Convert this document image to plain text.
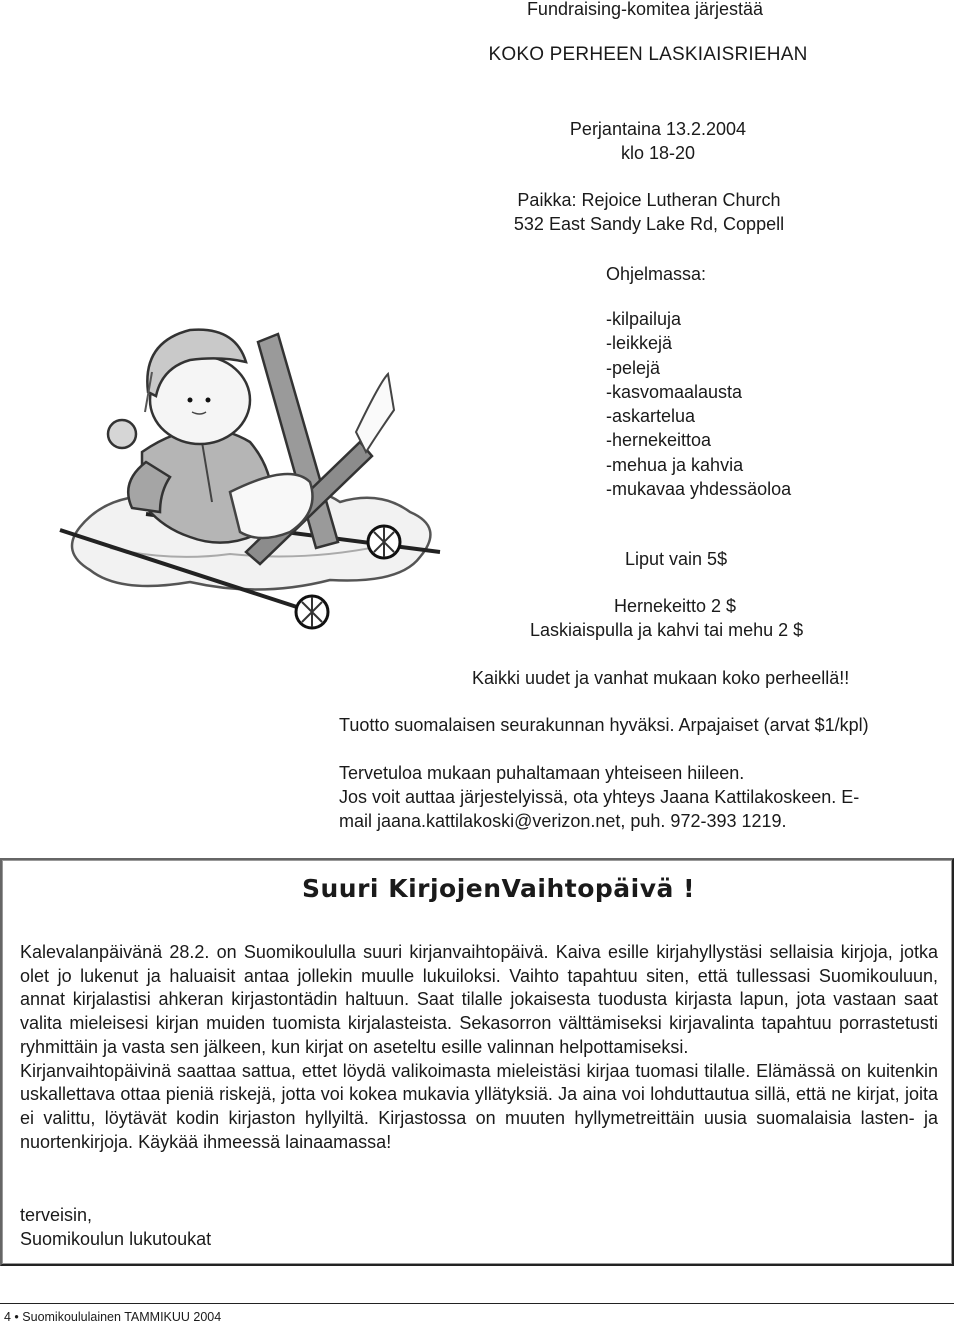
Fundraising-komitea järjestää
KOKO PERHEEN LASKIAISRIEHAN
Perjantaina 13.2.2004
klo 18-20
Paikka: Rejoice Lutheran Church
532 East Sandy Lake Rd, Coppell
Ohjelmassa:
-kilpailuja
-leikkejä
-pelejä
-kasvomaalausta
-askartelua
-hernekeittoa
-mehua ja kahvia
-mukavaa yhdessäoloa
Liput vain 5$
Hernekeitto 2 $
Laskiaispulla ja kahvi tai mehu 2 $
Kaikki uudet ja vanhat mukaan koko perheellä!!
Tuotto suomalaisen seurakunnan hyväksi. Arpajaiset (arvat $1/kpl)
Tervetuloa mukaan puhaltamaan yhteiseen hiileen.
Jos voit auttaa järjestelyissä, ota yhteys Jaana Kattilakoskeen. E-
mail jaana.kattilakoski@verizon.net, puh. 972-393 1219.
Suuri KirjojenVaihtopäivä !

Kalevalanpäivänä 28.2. on Suomikoululla suuri kirjanvaihtopäivä. Kaiva esille kirjahyllystäsi sellaisia kirjoja, jotka olet jo lukenut ja haluaisit antaa jollekin muulle lukuiloksi. Vaihto tapahtuu siten, että tullessasi Suomikouluun, annat kirjalastisi ahkeran kirjastontädin haltuun. Saat tilalle jokaisesta tuodusta kirjasta lapun, jota vastaan saat valita mieleisesi kirjan muiden tuomista kirjalasteista. Sekasorron välttämiseksi kirjavalinta tapahtuu porrastetusti ryhmittäin ja vasta sen jälkeen, kun kirjat on aseteltu esille valinnan helpottamiseksi.

Kirjanvaihtopäivinä saattaa sattua, ettet löydä valikoimasta mieleistäsi kirjaa tuomasi tilalle. Elämässä on kuitenkin uskallettava ottaa pieniä riskejä, jotta voi kokea mukavia yllätyksiä. Ja aina voi lohduttautua sillä, että ne kirjat, joita ei valittu, löytävät kodin kirjaston hyllyiltä. Kirjastossa on muuten hyllymetreittäin uusia suomalaisia lasten- ja nuortenkirjoja. Käykää ihmeessä lainaamassa!

terveisin,
Suomikoulun lukutoukat
4 • Suomikoululainen TAMMIKUU 2004
